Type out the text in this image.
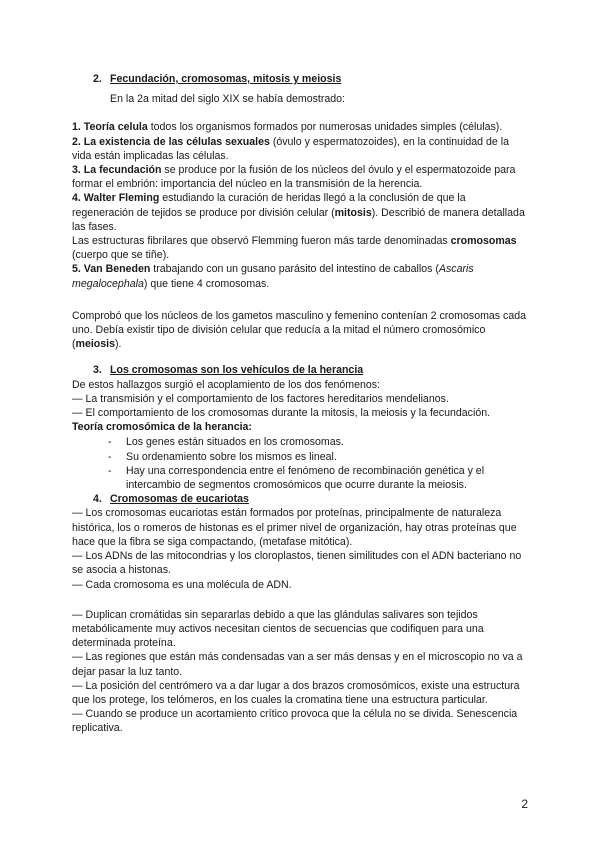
2. Fecundación, cromosomas, mitosis y meiosis

En la 2a mitad del siglo XIX se había demostrado:

1. Teoría celula todos los organismos formados por numerosas unidades simples (células).

2. La existencia de las células sexuales (óvulo y espermatozoides), en la continuidad de la vida están implicadas las células.

3. La fecundación se produce por la fusión de los núcleos del óvulo y el espermatozoide para formar el embrión: importancia del núcleo en la transmisión de la herencia.

4. Walter Fleming estudiando la curación de heridas llegó a la conclusión de que la regeneración de tejidos se produce por división celular (mitosis). Describió de manera detallada las fases.

Las estructuras fibrilares que observó Flemming fueron más tarde denominadas cromosomas (cuerpo que se tiñe).

5. Van Beneden trabajando con un gusano parásito del intestino de caballos (Ascaris megalocephala) que tiene 4 cromosomas.

Comprobó que los núcleos de los gametos masculino y femenino contenían 2 cromosomas cada uno. Debía existir tipo de división celular que reducía a la mitad el número cromosómico (meiosis).

3. Los cromosomas son los vehículos de la herancia

De estos hallazgos surgió el acoplamiento de los dos fenómenos:

— La transmisión y el comportamiento de los factores hereditarios mendelianos.

— El comportamiento de los cromosomas durante la mitosis, la meiosis y la fecundación.

Teoría cromosómica de la herancia:

- Los genes están situados en los cromosomas.
- Su ordenamiento sobre los mismos es lineal.
- Hay una correspondencia entre el fenómeno de recombinación genética y el intercambio de segmentos cromosómicos que ocurre durante la meiosis.

4. Cromosomas de eucariotas

— Los cromosomas eucariotas están formados por proteínas, principalmente de naturaleza histórica, los o romeros de histonas es el primer nivel de organización, hay otras proteínas que hace que la fibra se siga compactando, (metafase mitótica).

— Los ADNs de las mitocondrias y los cloroplastos, tienen similitudes con el ADN bacteriano no se asocia a histonas.

— Cada cromosoma es una molécula de ADN.

— Duplican cromátidas sin separarlas debido a que las glándulas salivares son tejidos metabólicamente muy activos necesitan cientos de secuencias que codifiquen para una determinada proteína.

— Las regiones que están más condensadas van a ser más densas y en el microscopio no va a dejar pasar la luz tanto.

— La posición del centrómero va a dar lugar a dos brazos cromosómicos, existe una estructura que los protege, los telómeros, en los cuales la cromatina tiene una estructura particular.

— Cuando se produce un acortamiento crítico provoca que la célula no se divida. Senescencia replicativa.

2
